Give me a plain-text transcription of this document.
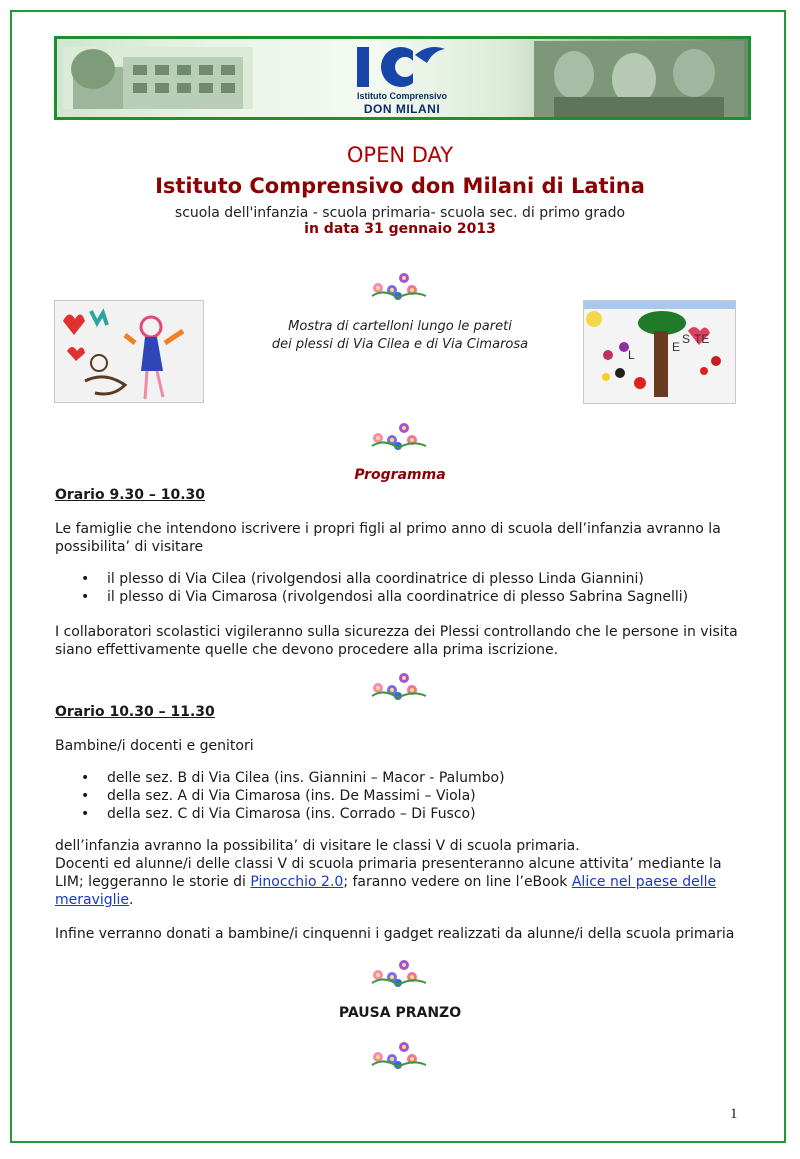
Istituto Comprensivo
DON MILANI
OPEN DAY
Istituto Comprensivo don Milani di Latina
scuola dell'infanzia - scuola primaria- scuola sec. di primo grado
in data 31 gennaio 2013
Mostra di cartelloni lungo le pareti
dei plessi di Via Cilea e di Via Cimarosa	E
S TE
L
Programma
Orario 9.30 – 10.30
Le famiglie che intendono iscrivere i propri figli al primo anno di scuola dell’infanzia avranno la possibilita’ di visitare
• il plesso di Via Cilea (rivolgendosi alla coordinatrice di plesso Linda Giannini)
• il plesso di Via Cimarosa (rivolgendosi alla coordinatrice di plesso Sabrina Sagnelli)
I collaboratori scolastici vigileranno sulla sicurezza dei Plessi controllando che le persone in visita siano effettivamente quelle che devono procedere alla prima iscrizione.
Orario 10.30 – 11.30
Bambine/i docenti e genitori
• delle sez. B di Via Cilea (ins. Giannini – Macor - Palumbo)
• della sez. A di Via Cimarosa (ins. De Massimi – Viola)
• della sez. C di Via Cimarosa (ins. Corrado – Di Fusco)
dell’infanzia avranno la possibilita’ di visitare le classi V di scuola primaria.
Docenti ed alunne/i delle classi V di scuola primaria presenteranno alcune attivita’ mediante la LIM; leggeranno le storie di Pinocchio 2.0; faranno vedere on line l’eBook Alice nel paese delle meraviglie.
Infine verranno donati a bambine/i cinquenni i gadget realizzati da alunne/i della scuola primaria
PAUSA PRANZO
1
